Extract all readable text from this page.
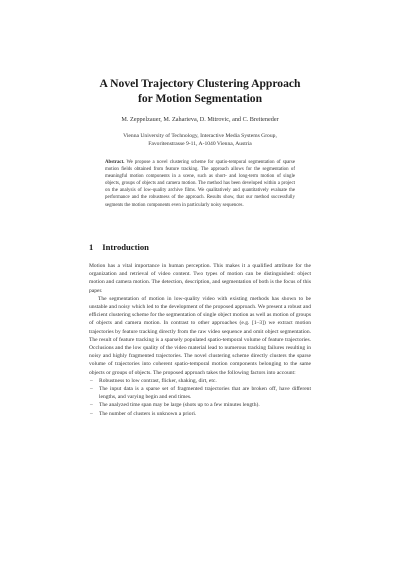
A Novel Trajectory Clustering Approach
for Motion Segmentation
M. Zeppelzauer, M. Zaharieva, D. Mitrovic, and C. Breiteneder
Vienna University of Technology, Interactive Media Systems Group,
Favoritenstrasse 9-11, A-1040 Vienna, Austria
Abstract. We propose a novel clustering scheme for spatio-temporal segmentation of sparse motion fields obtained from feature tracking. The approach allows for the segmentation of meaningful motion components in a scene, such as short- and long-term motion of single objects, groups of objects and camera motion. The method has been developed within a project on the analysis of low-quality archive films. We qualitatively and quantitatively evaluate the performance and the robustness of the approach. Results show, that our method successfully segments the motion components even in particularly noisy sequences.
1 Introduction

Motion has a vital importance in human perception. This makes it a qualified attribute for the organization and retrieval of video content. Two types of motion can be distinguished: object motion and camera motion. The detection, description, and segmentation of both is the focus of this paper.

The segmentation of motion in low-quality video with existing methods has shown to be unstable and noisy which led to the development of the proposed approach. We present a robust and efficient clustering scheme for the segmentation of single object motion as well as motion of groups of objects and camera motion. In contrast to other approaches (e.g. [1–3]) we extract motion trajectories by feature tracking directly from the raw video sequence and omit object segmentation. The result of feature tracking is a sparsely populated spatio-temporal volume of feature trajectories. Occlusions and the low quality of the video material lead to numerous tracking failures resulting in noisy and highly fragmented trajectories. The novel clustering scheme directly clusters the sparse volume of trajectories into coherent spatio-temporal motion components belonging to the same objects or groups of objects. The proposed approach takes the following factors into account:

– Robustness to low contrast, flicker, shaking, dirt, etc.
– The input data is a sparse set of fragmented trajectories that are broken off, have different lengths, and varying begin and end times.
– The analyzed time span may be large (shots up to a few minutes length).
– The number of clusters is unknown a priori.
